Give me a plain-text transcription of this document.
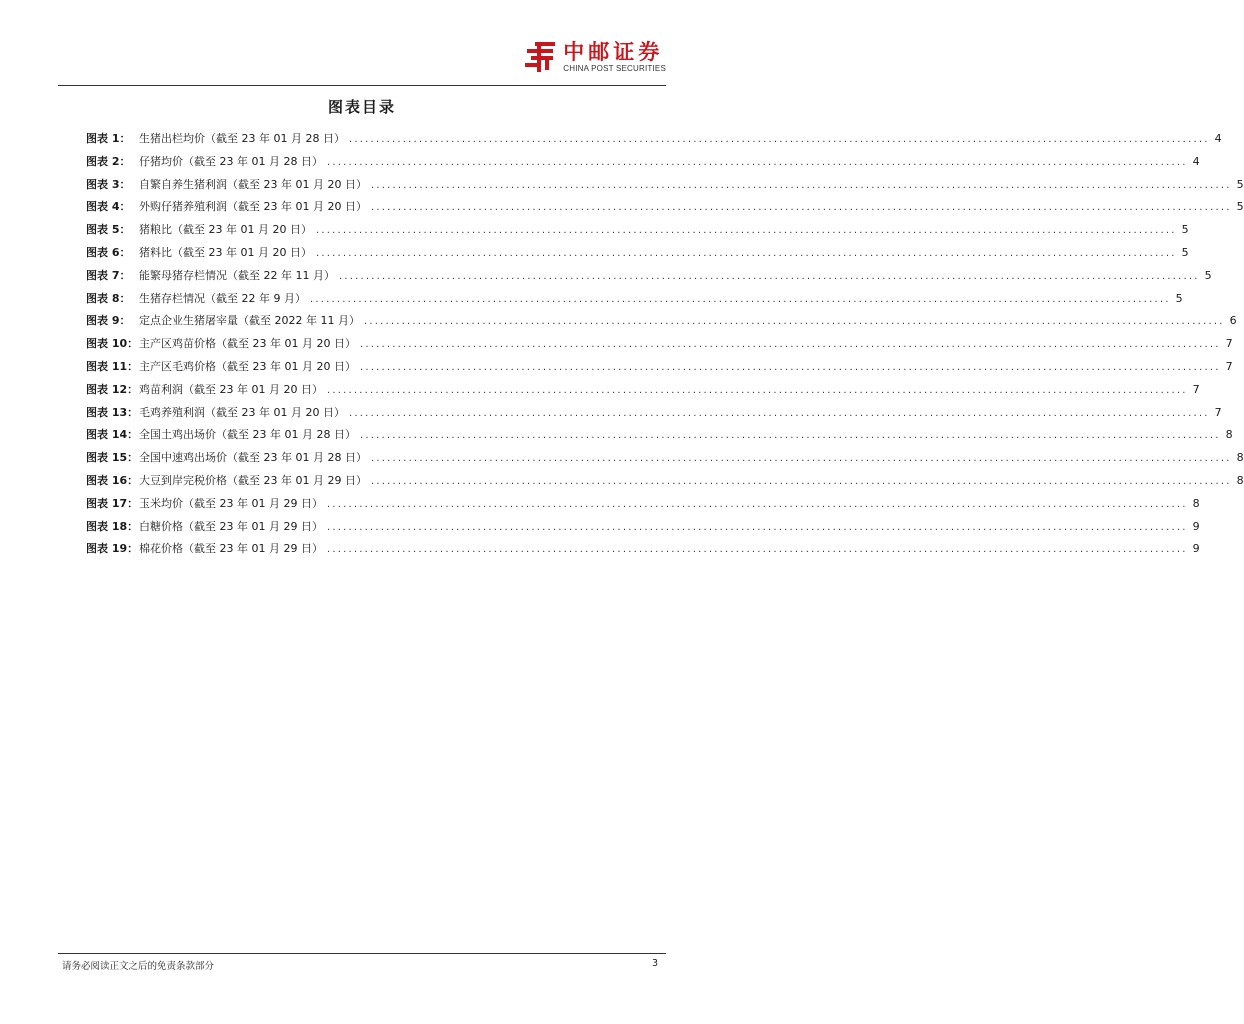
中邮证券
CHINA POST SECURITIES
图表目录
图表 1： 生猪出栏均价（截至 23 年 01 月 28 日） ................................................................................................................................................................ 4
图表 2： 仔猪均价（截至 23 年 01 月 28 日） ................................................................................................................................................................ 4
图表 3： 自繁自养生猪利润（截至 23 年 01 月 20 日） ................................................................................................................................................................ 5
图表 4： 外购仔猪养殖利润（截至 23 年 01 月 20 日） ................................................................................................................................................................ 5
图表 5： 猪粮比（截至 23 年 01 月 20 日） ................................................................................................................................................................ 5
图表 6： 猪料比（截至 23 年 01 月 20 日） ................................................................................................................................................................ 5
图表 7： 能繁母猪存栏情况（截至 22 年 11 月） ................................................................................................................................................................ 5
图表 8： 生猪存栏情况（截至 22 年 9 月） ................................................................................................................................................................ 5
图表 9： 定点企业生猪屠宰量（截至 2022 年 11 月） ................................................................................................................................................................ 6
图表 10： 主产区鸡苗价格（截至 23 年 01 月 20 日） ................................................................................................................................................................ 7
图表 11： 主产区毛鸡价格（截至 23 年 01 月 20 日） ................................................................................................................................................................ 7
图表 12： 鸡苗利润（截至 23 年 01 月 20 日） ................................................................................................................................................................ 7
图表 13： 毛鸡养殖利润（截至 23 年 01 月 20 日） ................................................................................................................................................................ 7
图表 14： 全国土鸡出场价（截至 23 年 01 月 28 日） ................................................................................................................................................................ 8
图表 15： 全国中速鸡出场价（截至 23 年 01 月 28 日） ................................................................................................................................................................ 8
图表 16： 大豆到岸完税价格（截至 23 年 01 月 29 日） ................................................................................................................................................................ 8
图表 17： 玉米均价（截至 23 年 01 月 29 日） ................................................................................................................................................................ 8
图表 18： 白糖价格（截至 23 年 01 月 29 日） ................................................................................................................................................................ 9
图表 19： 棉花价格（截至 23 年 01 月 29 日） ................................................................................................................................................................ 9
请务必阅读正文之后的免责条款部分	3
